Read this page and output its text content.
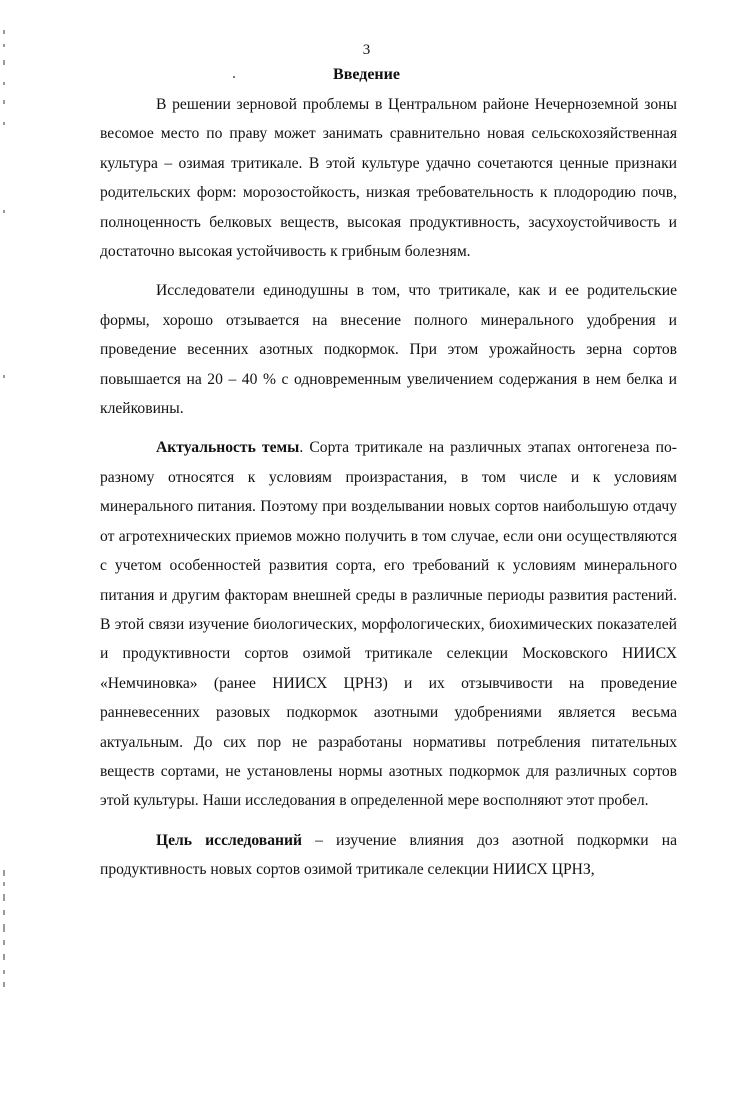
3
Введение

В решении зерновой проблемы в Центральном районе Нечерноземной зоны весомое место по праву может занимать сравнительно новая сельскохозяйственная культура – озимая тритикале. В этой культуре удачно сочетаются ценные признаки родительских форм: морозостойкость, низкая требовательность к плодородию почв, полноценность белковых веществ, высокая продуктивность, засухоустойчивость и достаточно высокая устойчивость к грибным болезням.

Исследователи единодушны в том, что тритикале, как и ее родительские формы, хорошо отзывается на внесение полного минерального удобрения и проведение весенних азотных подкормок. При этом урожайность зерна сортов повышается на 20 – 40 % с одновременным увеличением содержания в нем белка и клейковины.

Актуальность темы. Сорта тритикале на различных этапах онтогенеза по-разному относятся к условиям произрастания, в том числе и к условиям минерального питания. Поэтому при возделывании новых сортов наибольшую отдачу от агротехнических приемов можно получить в том случае, если они осуществляются с учетом особенностей развития сорта, его требований к условиям минерального питания и другим факторам внешней среды в различные периоды развития растений. В этой связи изучение биологических, морфологических, биохимических показателей и продуктивности сортов озимой тритикале селекции Московского НИИСХ «Немчиновка» (ранее НИИСХ ЦРНЗ) и их отзывчивости на проведение ранневесенних разовых подкормок азотными удобрениями является весьма актуальным. До сих пор не разработаны нормативы потребления питательных веществ сортами, не установлены нормы азотных подкормок для различных сортов этой культуры. Наши исследования в определенной мере восполняют этот пробел.

Цель исследований – изучение влияния доз азотной подкормки на продуктивность новых сортов озимой тритикале селекции НИИСХ ЦРНЗ,
